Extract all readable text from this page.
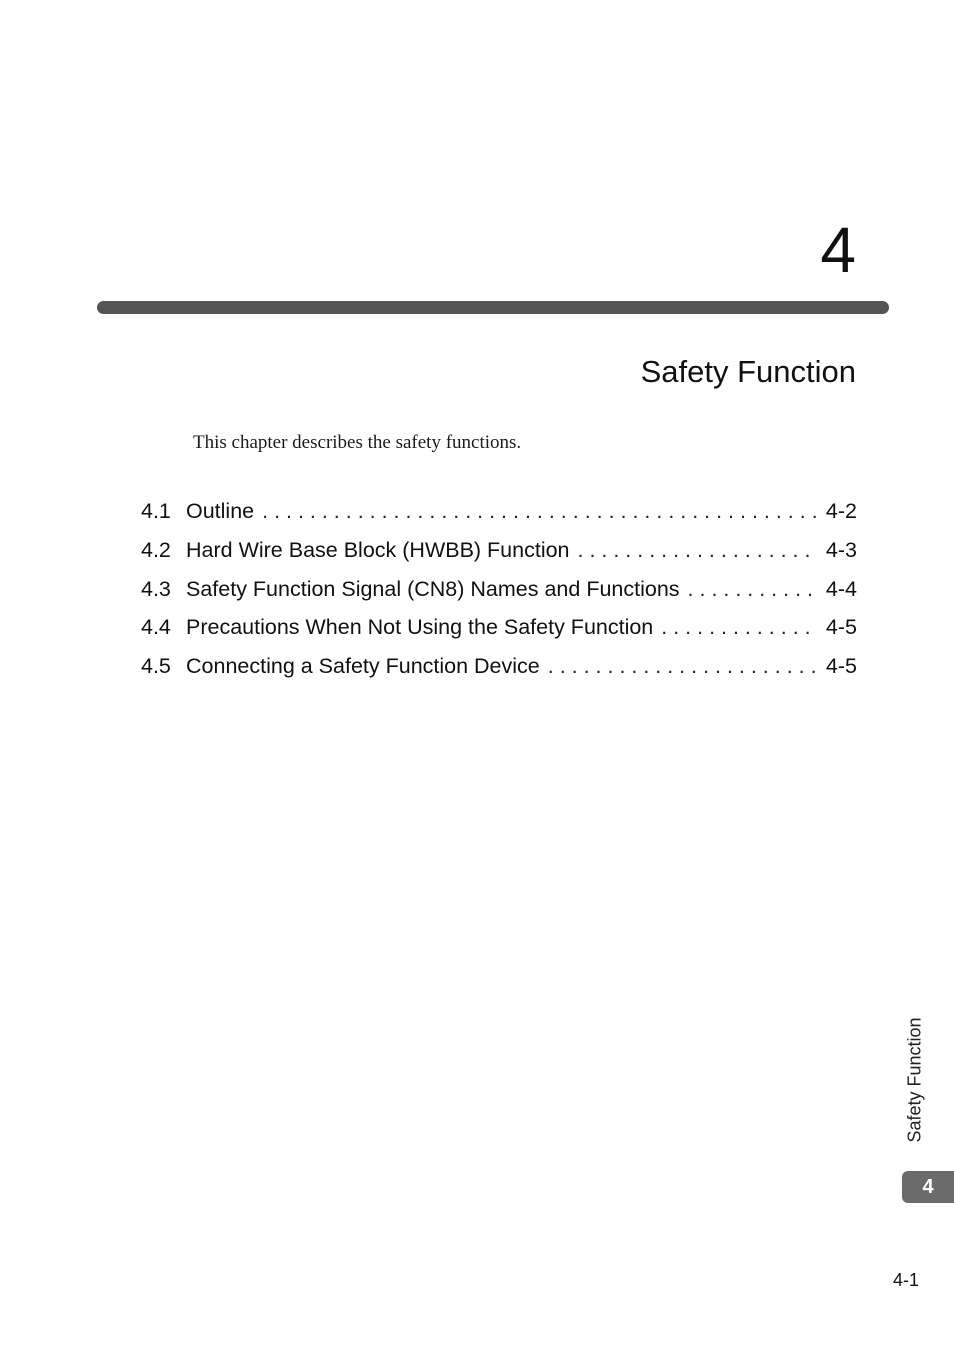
4
Safety Function
This chapter describes the safety functions.
4.1 Outline . . .	4-2
4.2 Hard Wire Base Block (HWBB) Function . . .	4-3
4.3 Safety Function Signal (CN8) Names and Functions . . .	4-4
4.4 Precautions When Not Using the Safety Function . . .	4-5
4.5 Connecting a Safety Function Device . . .	4-5
Safety Function
4
4-1
